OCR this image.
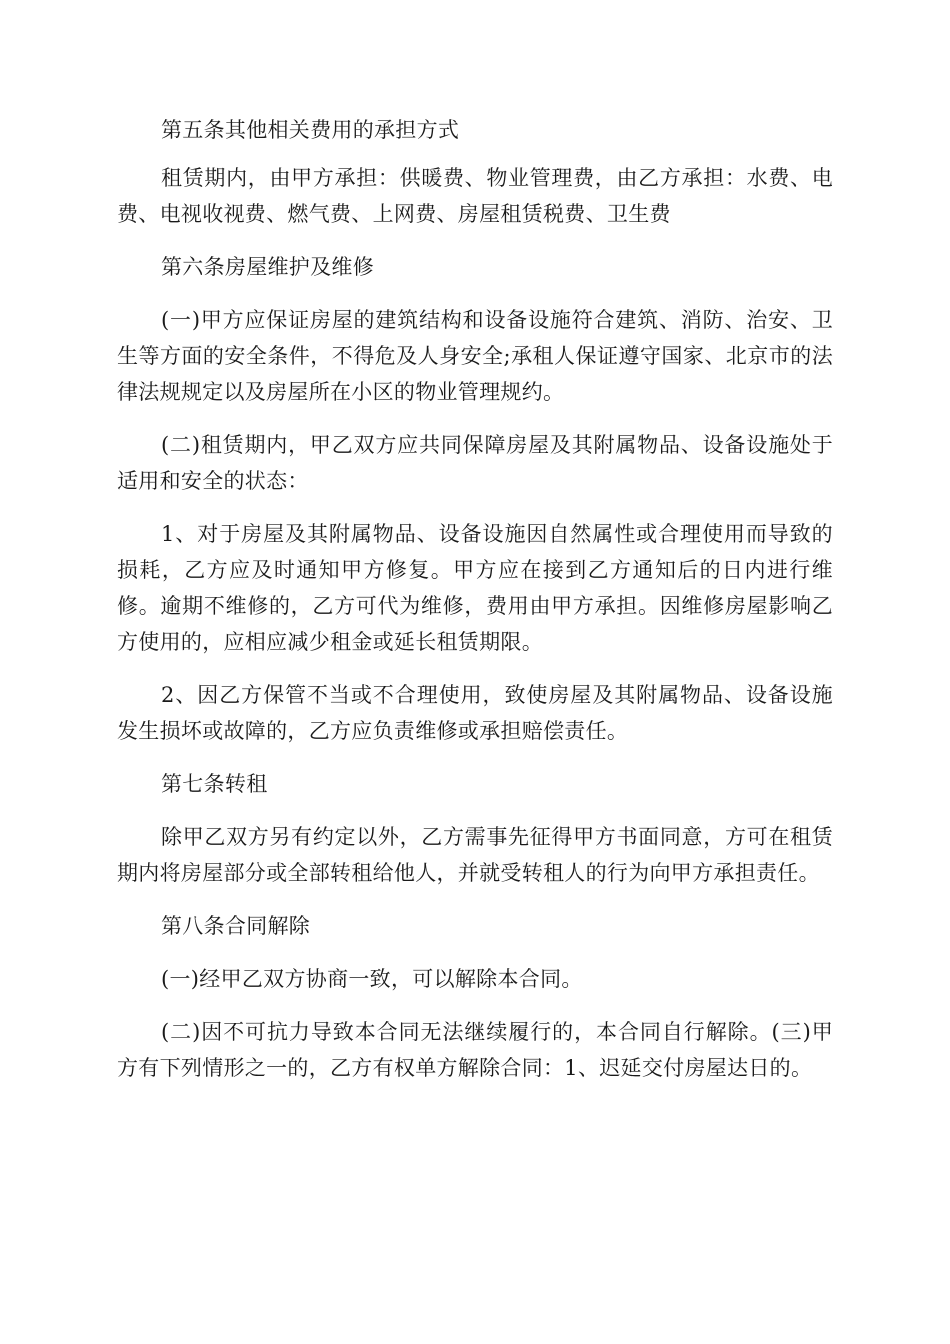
第五条其他相关费用的承担方式

租赁期内，由甲方承担：供暖费、物业管理费，由乙方承担：水费、电费、电视收视费、燃气费、上网费、房屋租赁税费、卫生费

第六条房屋维护及维修

(一)甲方应保证房屋的建筑结构和设备设施符合建筑、消防、治安、卫生等方面的安全条件，不得危及人身安全;承租人保证遵守国家、北京市的法律法规规定以及房屋所在小区的物业管理规约。

(二)租赁期内，甲乙双方应共同保障房屋及其附属物品、设备设施处于适用和安全的状态：

1、对于房屋及其附属物品、设备设施因自然属性或合理使用而导致的损耗，乙方应及时通知甲方修复。甲方应在接到乙方通知后的日内进行维修。逾期不维修的，乙方可代为维修，费用由甲方承担。因维修房屋影响乙方使用的，应相应减少租金或延长租赁期限。

2、因乙方保管不当或不合理使用，致使房屋及其附属物品、设备设施发生损坏或故障的，乙方应负责维修或承担赔偿责任。

第七条转租

除甲乙双方另有约定以外，乙方需事先征得甲方书面同意，方可在租赁期内将房屋部分或全部转租给他人，并就受转租人的行为向甲方承担责任。

第八条合同解除

(一)经甲乙双方协商一致，可以解除本合同。

(二)因不可抗力导致本合同无法继续履行的，本合同自行解除。(三)甲方有下列情形之一的，乙方有权单方解除合同：1、迟延交付房屋达日的。
